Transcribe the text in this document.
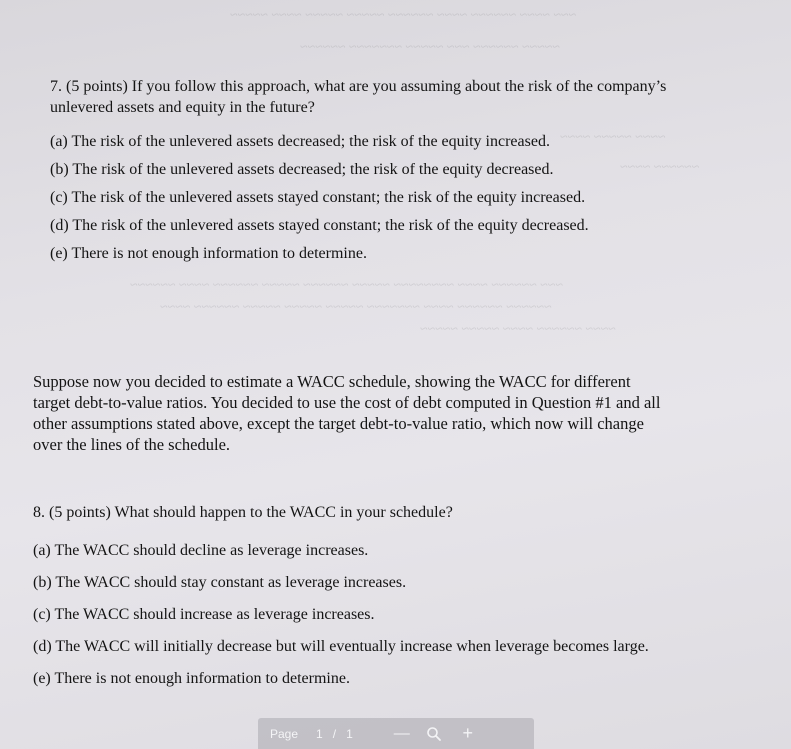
~~~ ~~~~ ~~~~~~ ~~~~ ~~~~~~ ~~~~~ ~~~~~ ~~~~ ~~~~~
~~~~~ ~~~~~~ ~~~ ~~~~~ ~~~~~~~ ~~~~~~
~~~~ ~~~~~ ~~~~
~~~~~~ ~~~~
~~~ ~~~~~~ ~~~~ ~~~~~~~~ ~~~~~ ~~~~~~ ~~~~~ ~~~~~~ ~~~~ ~~~~~~
~~~~~~ ~~~~~~ ~~~~ ~~~~~~~ ~~~~~ ~~~~~ ~~~~~ ~~~~~~ ~~~~
~~~~ ~~~~~~ ~~~~ ~~~~~ ~~~~~

7. (5 points) If you follow this approach, what are you assuming about the risk of the company’s
unlevered assets and equity in the future?

(a) The risk of the unlevered assets decreased; the risk of the equity increased.
(b) The risk of the unlevered assets decreased; the risk of the equity decreased.
(c) The risk of the unlevered assets stayed constant; the risk of the equity increased.
(d) The risk of the unlevered assets stayed constant; the risk of the equity decreased.
(e) There is not enough information to determine.
Suppose now you decided to estimate a WACC schedule, showing the WACC for different
target debt-to-value ratios. You decided to use the cost of debt computed in Question #1 and all
other assumptions stated above, except the target debt-to-value ratio, which now will change
over the lines of the schedule.

8. (5 points) What should happen to the WACC in your schedule?

(a) The WACC should decline as leverage increases.
(b) The WACC should stay constant as leverage increases.
(c) The WACC should increase as leverage increases.
(d) The WACC will initially decrease but will eventually increase when leverage becomes large.
(e) There is not enough information to determine.
Page 1 / 1	—	+
